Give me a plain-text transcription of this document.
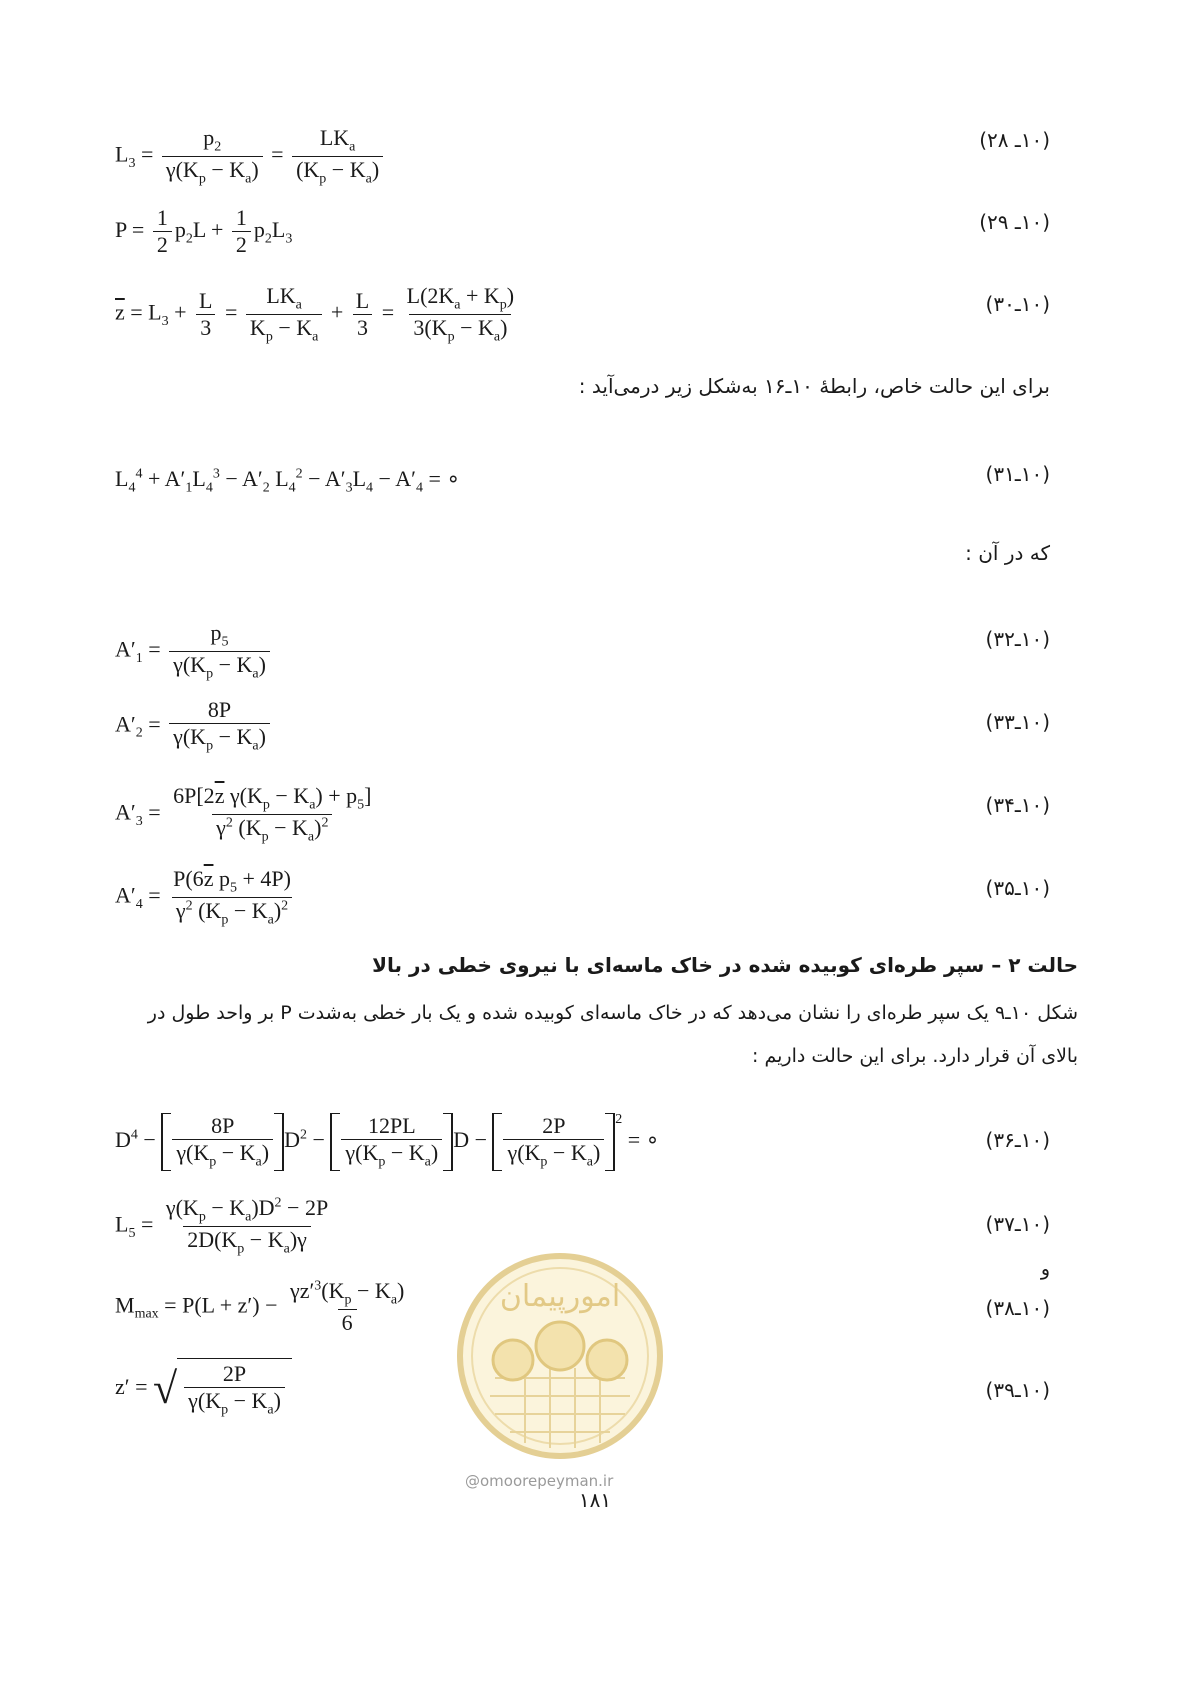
$L_3 = \frac{p_2}{\gamma(K_p - K_a)} = \frac{LK_a}{(K_p - K_a)}$	(۱۰ـ ۲۸)
$P = \frac{1}{2} p_2L + \frac{1}{2} p_2L_3$
(۱۰ـ ۲۹)
$\overline{z} = L_3 + \frac{L}{3} = \frac{LK_a}{K_p - K_a} + \frac{L}{3} = \frac{L(2K_a + K_p)}{3(K_p - K_a)}$	(۱۰ـ۳۰)
برای این حالت خاص، رابطهٔ ۱۰ـ۱۶ به‌شکل زیر درمی‌آید :
$L_4^4 + A'_1L_4^3 - A'_2$ $L_4^2 - A'_3L_4 - A'_4$ = ∘	(۱۰ـ۳۱)
که در آن :
$A'_1 = \frac{p_5}{\gamma(K_p - K_a)}$	(۱۰ـ۳۲)
$A'_2 = \frac{8P}{\gamma(K_p - K_a)}$	(۱۰ـ۳۳)
$A'_3 = \frac{6P[2\overline{z} \gamma(K_p - K_a) + p_5]}{\gamma^2 (K_p - K_a)^2}$	(۱۰ـ۳۴)
$A'_4 = \frac{P(6\overline{z} p_5 + 4P)}{\gamma^2 (K_p - K_a)^2}$	(۱۰ـ۳۵)
حالت ۲ – سپر طره‌ای کوبیده شده در خاک ماسه‌ای با نیروی خطی در بالا
شکل ۱۰ـ۹ یک سپر طره‌ای را نشان می‌دهد که در خاک ماسه‌ای کوبیده شده و یک بار خطی به‌شدت P بر واحد طول در
بالای آن قرار دارد. برای این حالت داریم :
$D^4 - \frac{8P}{\gamma(K_p - K_a)} D^2 - \frac{12PL}{\gamma(K_p - K_a)}$ $D - \frac{2P}{\gamma(K_p - K_a)} ^2$ = ∘	(۱۰ـ۳۶)
$L_5 = \frac{\gamma(K_p - K_a)D^2 - 2P}{2D(K_p - K_a)\gamma}$	(۱۰ـ۳۷)
و
امورپیمان
@omoorepeyman.ir
$M_{max} = P(L + z') - \frac{\gamma z'^3(K_p - K_a)}{6}$	(۱۰ـ۳۸)
z′ = √ $\frac{2P}{\gamma(K_p - K_a)}$	(۱۰ـ۳۹)
۱۸۱
